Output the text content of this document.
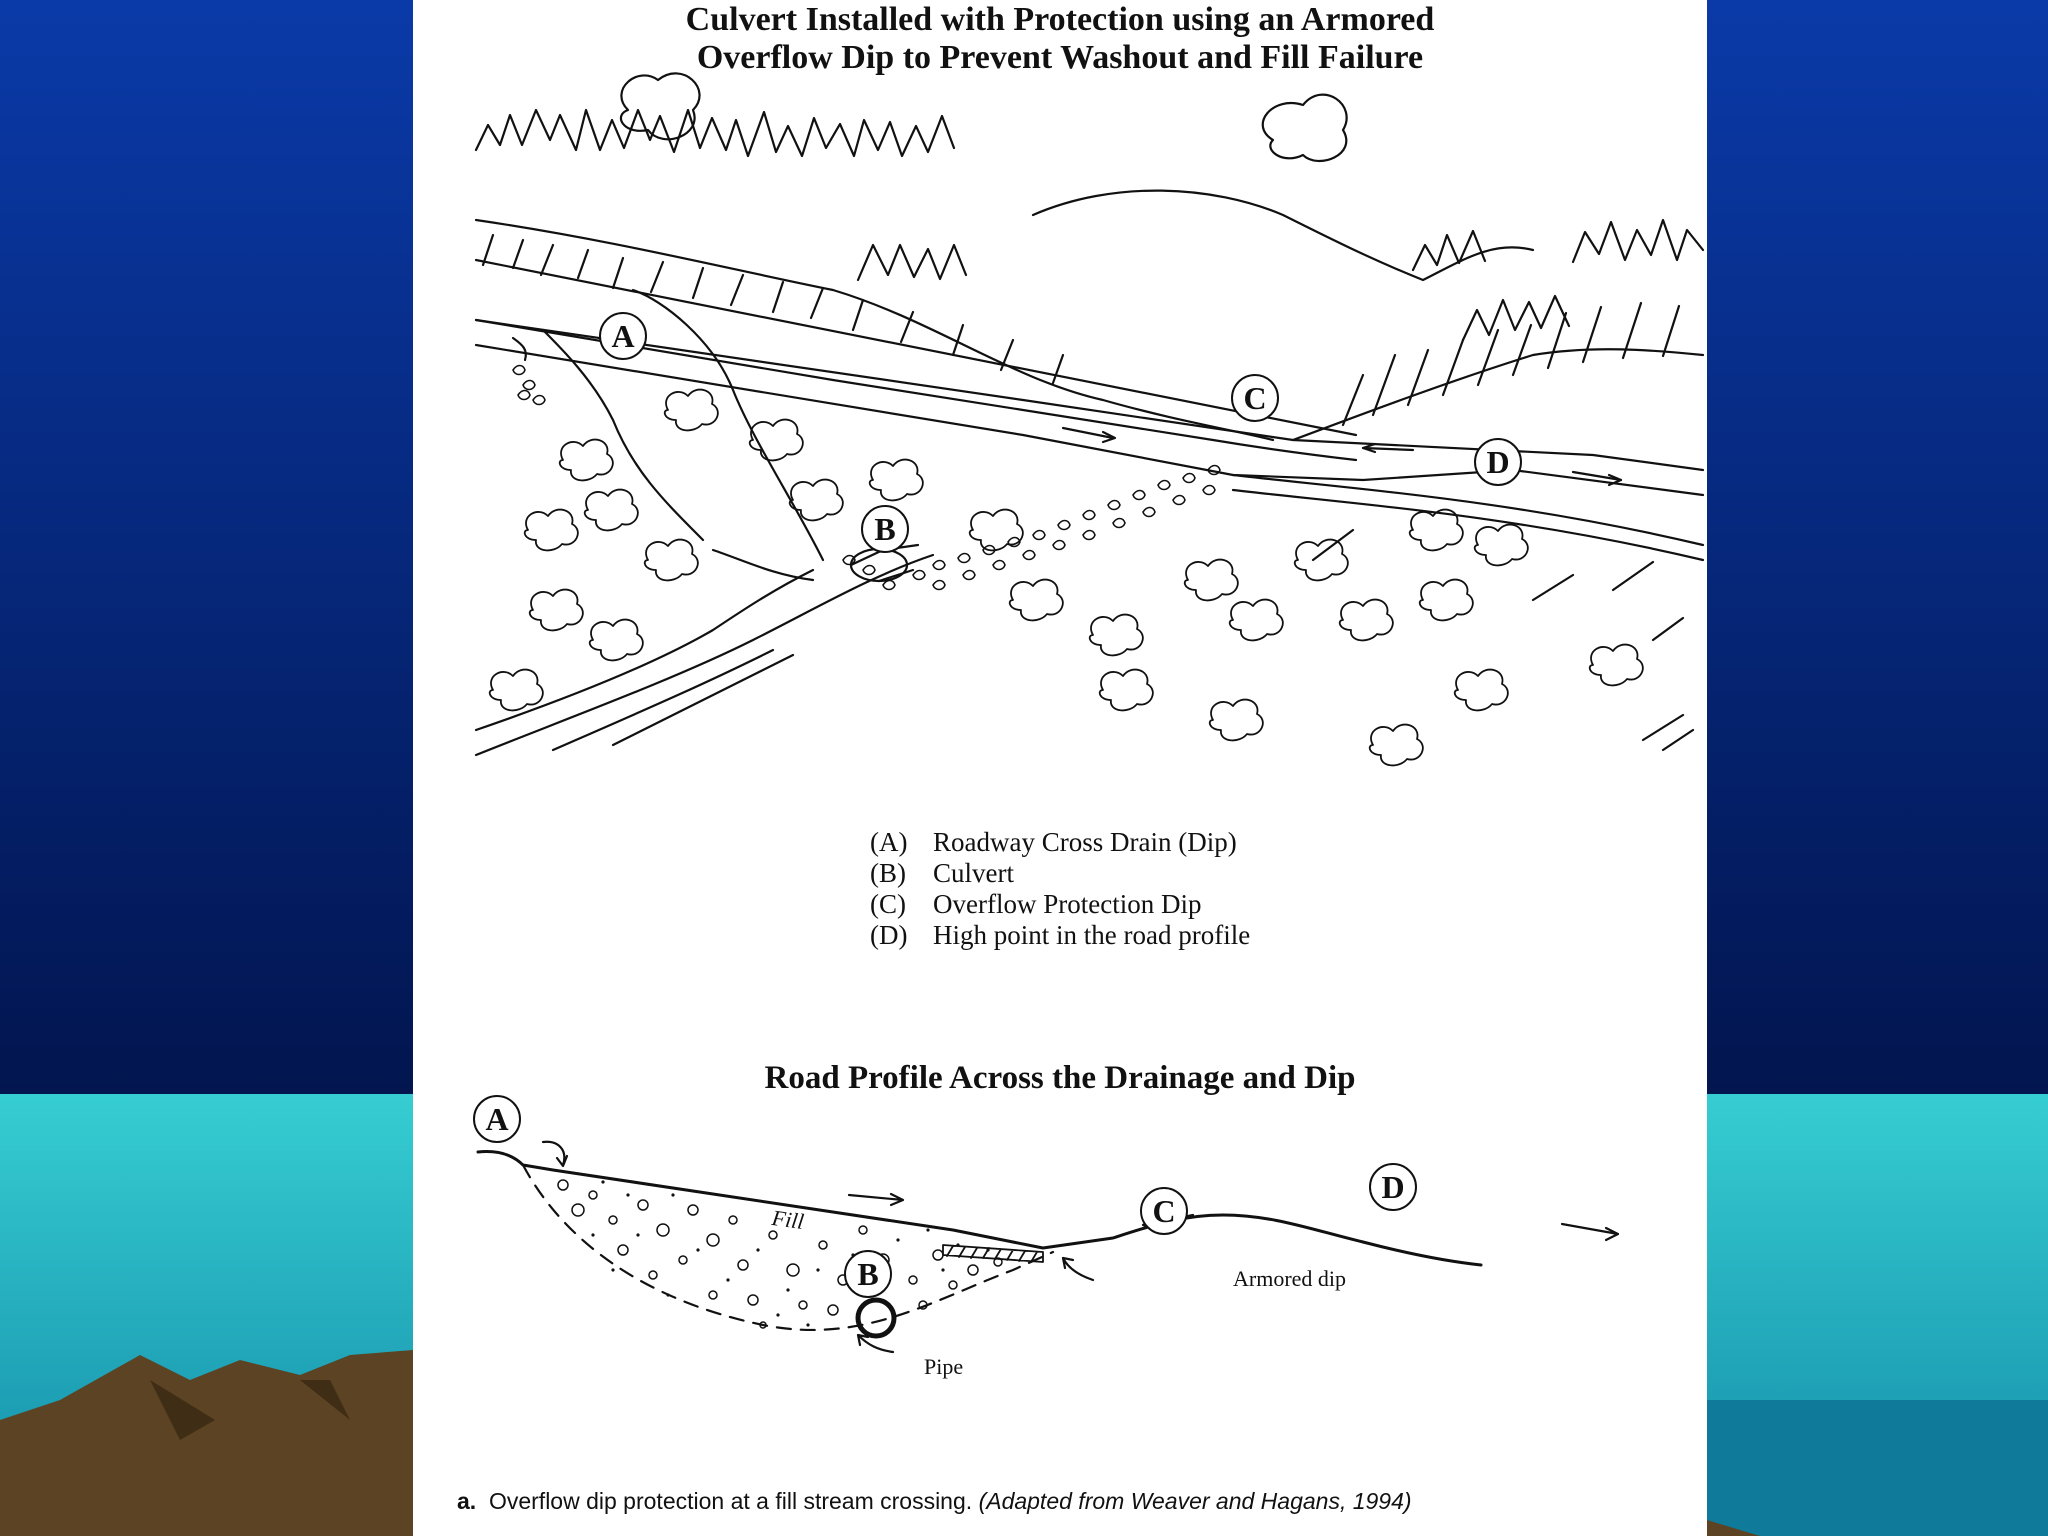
Culvert Installed with Protection using an Armored
Overflow Dip to Prevent Washout and Fill Failure
A
B
C
D
(A) Roadway Cross Drain (Dip)
(B) Culvert
(C) Overflow Protection Dip
(D) High point in the road profile
Road Profile Across the Drainage and Dip
A
B
C
D
Fill
Armored dip
Pipe
a. Overflow dip protection at a fill stream crossing. (Adapted from Weaver and Hagans, 1994)
